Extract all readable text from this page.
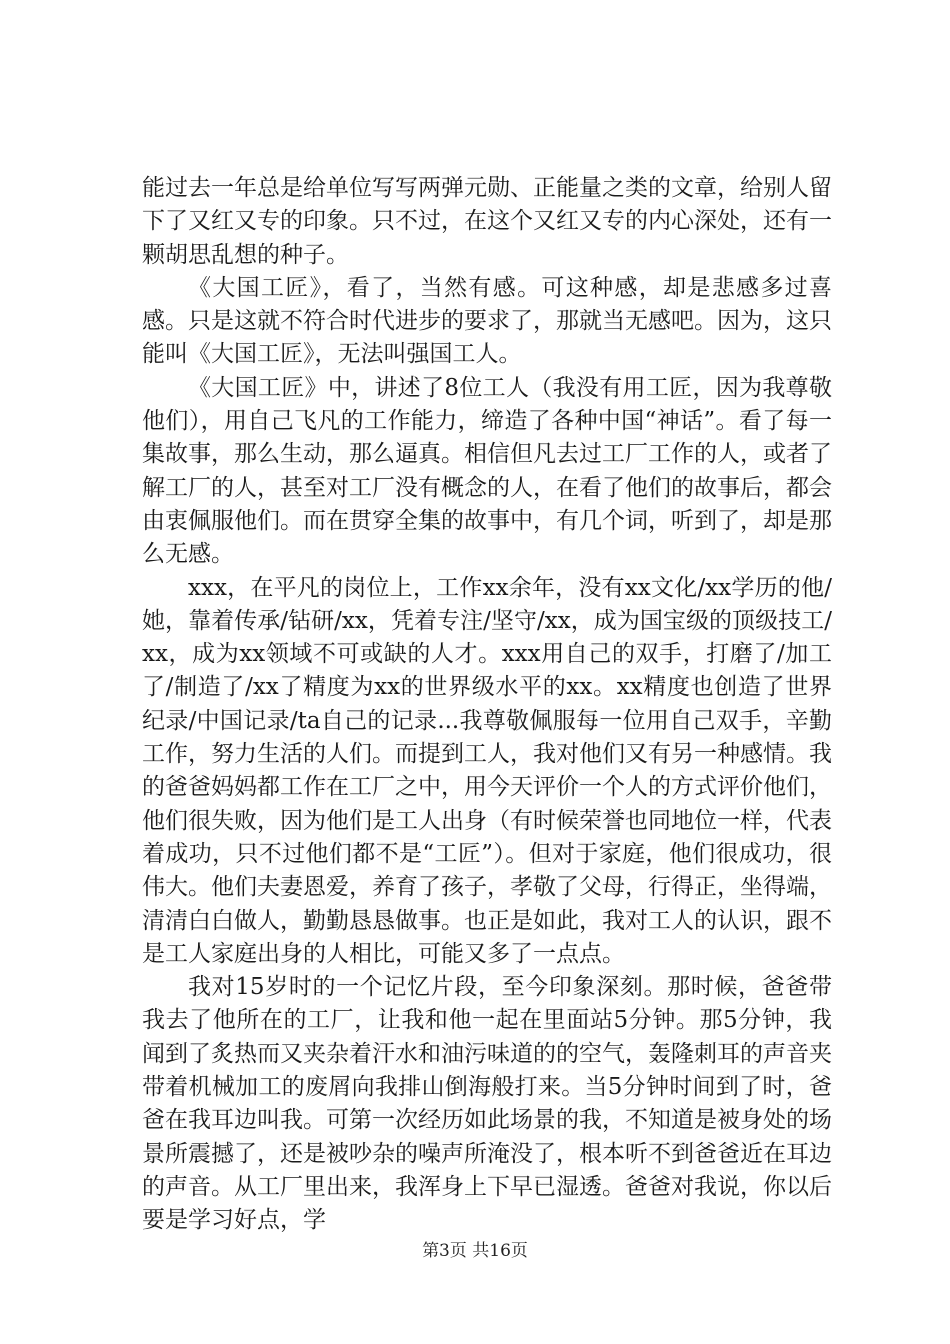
能过去一年总是给单位写写两弹元勋、正能量之类的文章，给别人留下了又红又专的印象。只不过，在这个又红又专的内心深处，还有一颗胡思乱想的种子。

《大国工匠》，看了，当然有感。可这种感，却是悲感多过喜感。只是这就不符合时代进步的要求了，那就当无感吧。因为，这只能叫《大国工匠》，无法叫强国工人。

《大国工匠》中，讲述了8位工人（我没有用工匠，因为我尊敬他们），用自己飞凡的工作能力，缔造了各种中国“神话”。看了每一集故事，那么生动，那么逼真。相信但凡去过工厂工作的人，或者了解工厂的人，甚至对工厂没有概念的人，在看了他们的故事后，都会由衷佩服他们。而在贯穿全集的故事中，有几个词，听到了，却是那么无感。

xxx，在平凡的岗位上，工作xx余年，没有xx文化/xx学历的他/她，靠着传承/钻研/xx，凭着专注/坚守/xx，成为国宝级的顶级技工/xx，成为xx领域不可或缺的人才。xxx用自己的双手，打磨了/加工了/制造了/xx了精度为xx的世界级水平的xx。xx精度也创造了世界纪录/中国记录/ta自己的记录...我尊敬佩服每一位用自己双手，辛勤工作，努力生活的人们。而提到工人，我对他们又有另一种感情。我的爸爸妈妈都工作在工厂之中，用今天评价一个人的方式评价他们，他们很失败，因为他们是工人出身（有时候荣誉也同地位一样，代表着成功，只不过他们都不是“工匠”）。但对于家庭，他们很成功，很伟大。他们夫妻恩爱，养育了孩子，孝敬了父母，行得正，坐得端，清清白白做人，勤勤恳恳做事。也正是如此，我对工人的认识，跟不是工人家庭出身的人相比，可能又多了一点点。

我对15岁时的一个记忆片段，至今印象深刻。那时候，爸爸带我去了他所在的工厂，让我和他一起在里面站5分钟。那5分钟，我闻到了炙热而又夹杂着汗水和油污味道的的空气，轰隆刺耳的声音夹带着机械加工的废屑向我排山倒海般打来。当5分钟时间到了时，爸爸在我耳边叫我。可第一次经历如此场景的我，不知道是被身处的场景所震撼了，还是被吵杂的噪声所淹没了，根本听不到爸爸近在耳边的声音。从工厂里出来，我浑身上下早已湿透。爸爸对我说，你以后要是学习好点，学

第3页 共16页
